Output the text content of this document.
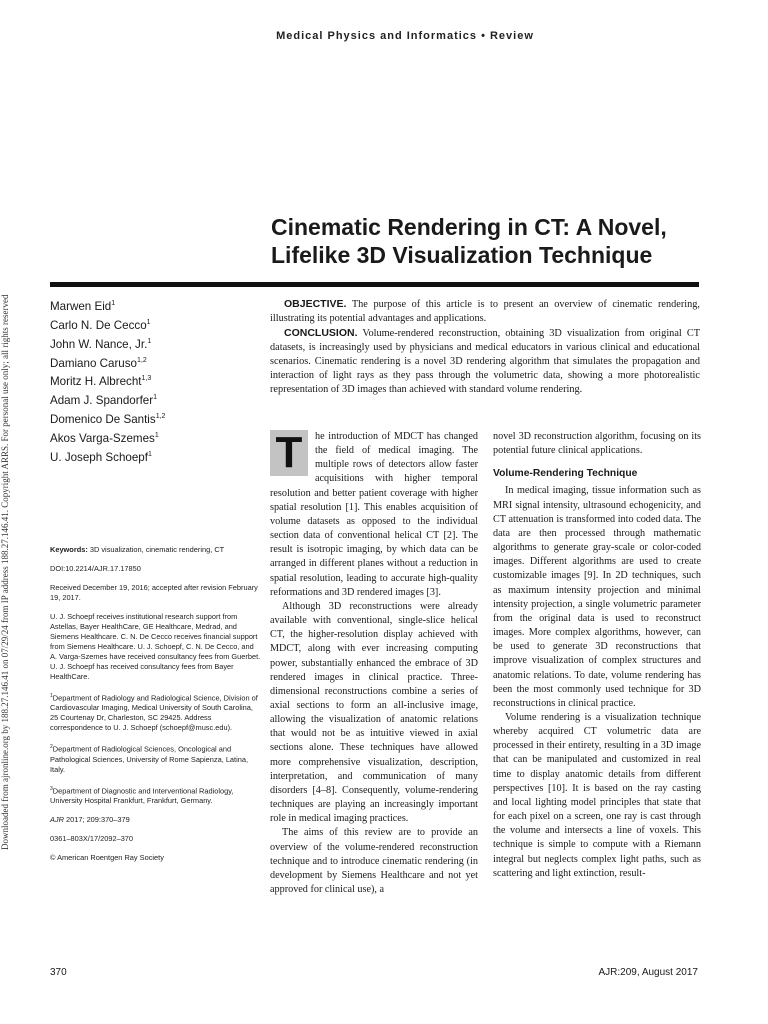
Medical Physics and Informatics • Review
Downloaded from ajronline.org by 188.27.146.41 on 07/29/24 from IP address 188.27.146.41. Copyright ARRS. For personal use only; all rights reserved
Cinematic Rendering in CT: A Novel,
Lifelike 3D Visualization Technique
Marwen Eid$^1$
Carlo N. De Cecco$^1$
John W. Nance, Jr.$^1$
Damiano Caruso$^{1,2}$
Moritz H. Albrecht$^{1,3}$
Adam J. Spandorfer$^1$
Domenico De Santis$^{1,2}$
Akos Varga-Szemes$^1$
U. Joseph Schoepf$^1$

OBJECTIVE. The purpose of this article is to present an overview of cinematic rendering, illustrating its potential advantages and applications.

CONCLUSION. Volume-rendered reconstruction, obtaining 3D visualization from original CT datasets, is increasingly used by physicians and medical educators in various clinical and educational scenarios. Cinematic rendering is a novel 3D rendering algorithm that simulates the propagation and interaction of light rays as they pass through the volumetric data, showing a more photorealistic representation of 3D images than achieved with standard volume rendering.

Keywords: 3D visualization, cinematic rendering, CT

DOI:10.2214/AJR.17.17850

Received December 19, 2016; accepted after revision February 19, 2017.

U. J. Schoepf receives institutional research support from Astellas, Bayer HealthCare, GE Healthcare, Medrad, and Siemens Healthcare. C. N. De Cecco receives financial support from Siemens Healthcare. U. J. Schoepf, C. N. De Cecco, and A. Varga-Szemes have received consultancy fees from Guerbet. U. J. Schoepf has received consultancy fees from Bayer HealthCare.

$^1$Department of Radiology and Radiological Science, Division of Cardiovascular Imaging, Medical University of South Carolina, 25 Courtenay Dr, Charleston, SC 29425. Address correspondence to U. J. Schoepf (schoepf@musc.edu).

$^2$Department of Radiological Sciences, Oncological and Pathological Sciences, University of Rome Sapienza, Latina, Italy.

$^3$Department of Diagnostic and Interventional Radiology, University Hospital Frankfurt, Frankfurt, Germany.

AJR 2017; 209:370–379

0361–803X/17/2092–370

© American Roentgen Ray Society

T	he introduction of MDCT has changed the field of medical imaging. The multiple rows of detectors allow faster acquisitions with higher temporal resolution and better patient coverage with higher spatial resolution [1]. This enables acquisition of volume datasets as opposed to the individual section data of conventional helical CT [2]. The result is isotropic imaging, by which data can be arranged in different planes without a reduction in spatial resolution, leading to accurate high-quality reformations and 3D rendered images [3].

Although 3D reconstructions were already available with conventional, single-slice helical CT, the higher-resolution display achieved with MDCT, along with ever increasing computing power, substantially enhanced the embrace of 3D rendered images in clinical practice. Three-dimensional reconstructions combine a series of axial sections to form an all-inclusive image, allowing the visualization of anatomic relations that would not be as intuitive viewed in axial sections alone. These techniques have allowed more comprehensive visualization, description, interpretation, and communication of many disorders [4–8]. Consequently, volume-rendering techniques are playing an increasingly important role in medical imaging practices.

The aims of this review are to provide an overview of the volume-rendered reconstruction technique and to introduce cinematic rendering (in development by Siemens Healthcare and not yet approved for clinical use), a

novel 3D reconstruction algorithm, focusing on its potential future clinical applications.

Volume-Rendering Technique

In medical imaging, tissue information such as MRI signal intensity, ultrasound echogenicity, and CT attenuation is transformed into coded data. The data are then processed through mathematic algorithms to generate gray-scale or color-coded images. Different algorithms are used to create customizable images [9]. In 2D techniques, such as maximum intensity projection and minimal intensity projection, a single volumetric parameter from the original data is used to reconstruct images. More complex algorithms, however, can be used to generate 3D reconstructions that improve visualization of complex structures and anatomic relations. To date, volume rendering has been the most commonly used technique for 3D reconstructions in clinical practice.

Volume rendering is a visualization technique whereby acquired CT volumetric data are processed in their entirety, resulting in a 3D image that can be manipulated and customized in real time to display anatomic details from different perspectives [10]. It is based on the ray casting and local lighting model principles that state that for each pixel on a screen, one ray is cast through the volume and intersects a line of voxels. This technique is simple to compute with a Riemann integral but neglects complex light paths, such as scattering and light extinction, result-

370	AJR:209, August 2017
